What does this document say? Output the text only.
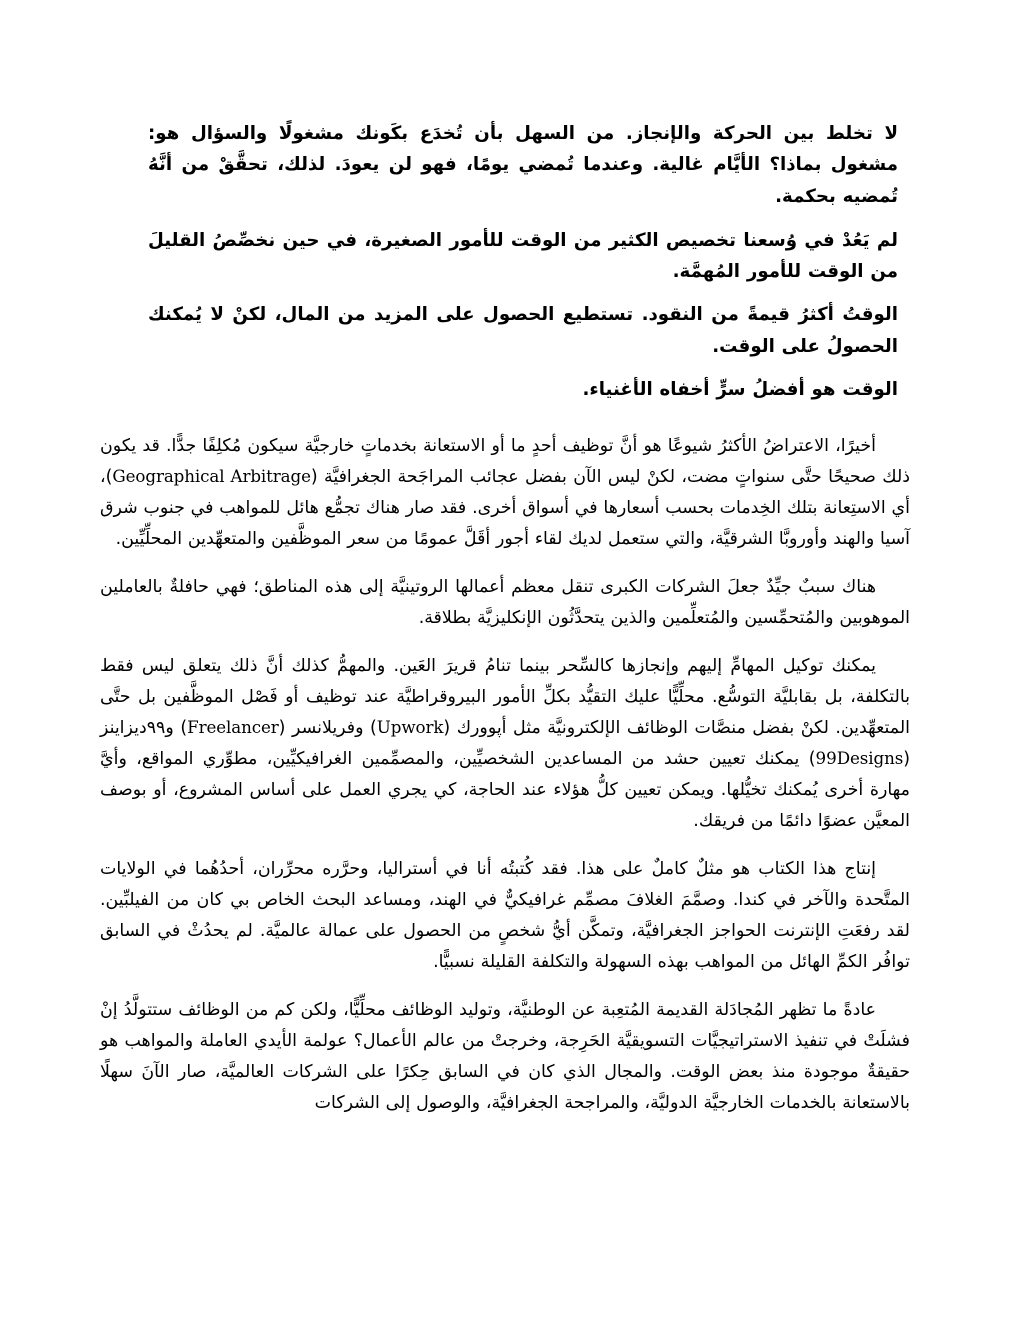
لا تخلط بين الحركة والإنجاز. من السهل بأن تُخدَع بكَونك مشغولًا والسؤال هو: مشغول بماذا؟ الأيَّام غالية. وعندما تُمضي يومًا، فهو لن يعودَ. لذلك، تحقَّقْ من أنَّهُ تُمضيه بحكمة.

لم يَعُدْ في وُسعنا تخصيص الكثير من الوقت للأمور الصغيرة، في حين نخصِّصُ القليلَ من الوقت للأمور المُهمَّة.

الوقتُ أكثرُ قيمةً من النقود. تستطيع الحصول على المزيد من المال، لكنْ لا يُمكنك الحصولُ على الوقت.

الوقت هو أفضلُ سرٍّ أخفاه الأغنياء.

أخيرًا، الاعتراضُ الأكثرُ شيوعًا هو أنَّ توظيف أحدٍ ما أو الاستعانة بخدماتٍ خارجيَّة سيكون مُكلِفًا جدًّا. قد يكون ذلك صحيحًا حتَّى سنواتٍ مضت، لكنْ ليس الآن بفضل عجائب المراجَحة الجغرافيَّة (Geographical Arbitrage)، أي الاستِعانة بتلك الخِدمات بحسب أسعارها في أسواق أخرى. فقد صار هناك تجمُّع هائل للمواهب في جنوب شرق آسيا والهند وأوروبَّا الشرقيَّة، والتي ستعمل لديك لقاء أجور أقَلَّ عمومًا من سعر الموظَّفين والمتعهِّدين المحلِّيِّين.

هناك سببٌ جيِّدٌ جعلَ الشركات الكبرى تنقل معظم أعمالها الروتينيَّة إلى هذه المناطق؛ فهي حافلةٌ بالعاملين الموهوبين والمُتحمِّسين والمُتعلِّمين والذين يتحدَّثُون الإنكليزيَّة بطلاقة.

يمكنك توكيل المهامِّ إليهم وإنجازها كالسِّحر بينما تنامُ قريرَ العَين. والمهمُّ كذلك أنَّ ذلك يتعلق ليس فقط بالتكلفة، بل بقابليَّة التوسُّع. محلِّيًّا عليك التقيُّد بكلِّ الأمور البيروقراطيَّة عند توظيف أو فَصْل الموظَّفين بل حتَّى المتعهِّدين. لكنْ بفضل منصَّات الوظائف الإلكترونيَّة مثل أپوورك (Upwork) وفريلانسر (Freelancer) و٩٩ديزاينز (99Designs) يمكنك تعيين حشد من المساعدين الشخصيِّين، والمصمِّمين الغرافيكيِّين، مطوِّري المواقع، وأيَّ مهارة أخرى يُمكنك تخيُّلها. ويمكن تعيين كلُّ هؤلاء عند الحاجة، كي يجري العمل على أساس المشروع، أو بوصف المعيَّن عضوًا دائمًا من فريقك.

إنتاج هذا الكتاب هو مثلٌ كاملٌ على هذا. فقد كُتبتُه أنا في أستراليا، وحرَّره محرِّران، أحدُهُما في الولايات المتَّحدة والآخر في كندا. وصمَّمَ الغلافَ مصمِّم غرافيكيٌّ في الهند، ومساعد البحث الخاص بي كان من الفيلبِّين. لقد رفعَتِ الإنترنت الحواجز الجغرافيَّة، وتمكَّن أيُّ شخصٍ من الحصول على عمالة عالميَّة. لم يحدُثْ في السابق توافُر الكمِّ الهائل من المواهب بهذه السهولة والتكلفة القليلة نسبيًّا.

عادةً ما تظهر المُجادَلة القديمة المُتعِبة عن الوطنيَّة، وتوليد الوظائف محلِّيًّا، ولكن كم من الوظائف ستتولَّدُ إنْ فشلَتْ في تنفيذ الاستراتيجيَّات التسويقيَّة الحَرِجة، وخرجتْ من عالم الأعمال؟ عولمة الأيدي العاملة والمواهب هو حقيقةٌ موجودة منذ بعض الوقت. والمجال الذي كان في السابق حِكرًا على الشركات العالميَّة، صار الآنَ سهلًا بالاستعانة بالخدمات الخارجيَّة الدوليَّة، والمراجحة الجغرافيَّة، والوصول إلى الشركات
